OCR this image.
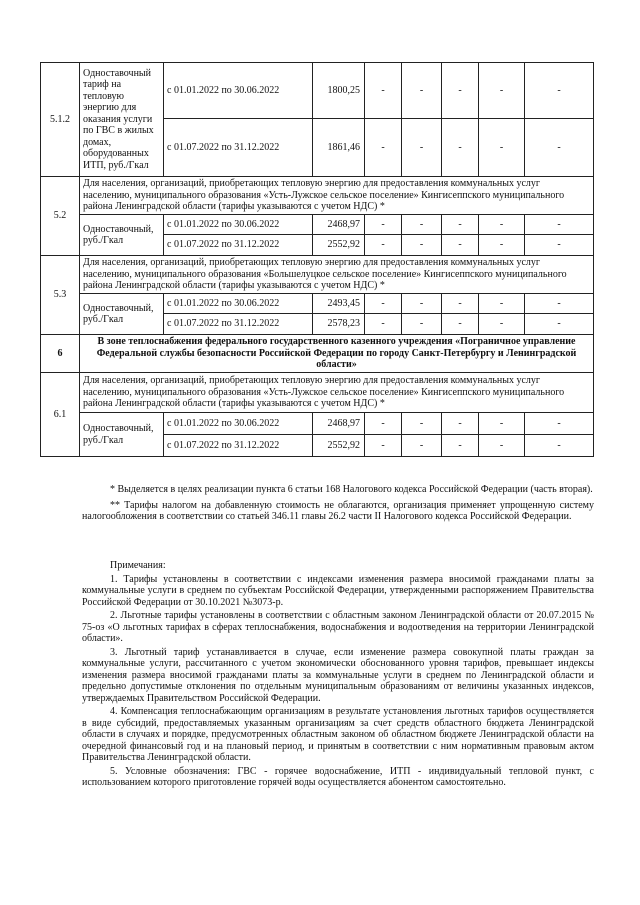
5.1.2	Одноставочный тариф на тепловую энергию для оказания услуги по ГВС в жилых домах, оборудованных ИТП, руб./Гкал	с 01.01.2022 по 30.06.2022	1800,25	-	-	-	-	-
		с 01.07.2022 по 31.12.2022	1861,46	-	-	-	-	-
5.2	Для населения, организаций, приобретающих тепловую энергию для предоставления коммунальных услуг населению, муниципального образования «Усть-Лужское сельское поселение» Кингисеппского муниципального района Ленинградской области (тарифы указываются с учетом НДС) *							
	Одноставочный, руб./Гкал	с 01.01.2022 по 30.06.2022	2468,97	-	-	-	-	-
		с 01.07.2022 по 31.12.2022	2552,92	-	-	-	-	-
5.3	Для населения, организаций, приобретающих тепловую энергию для предоставления коммунальных услуг населению, муниципального образования «Большелуцкое сельское поселение» Кингисеппского муниципального района Ленинградской области (тарифы указываются с учетом НДС) *							
	Одноставочный, руб./Гкал	с 01.01.2022 по 30.06.2022	2493,45	-	-	-	-	-
		с 01.07.2022 по 31.12.2022	2578,23	-	-	-	-	-
6	В зоне теплоснабжения федерального государственного казенного учреждения «Пограничное управление Федеральной службы безопасности Российской Федерации по городу Санкт-Петербургу и Ленинградской области»							
6.1	Для населения, организаций, приобретающих тепловую энергию для предоставления коммунальных услуг населению, муниципального образования «Усть-Лужское сельское поселение» Кингисеппского муниципального района Ленинградской области (тарифы указываются с учетом НДС) *							
	Одноставочный, руб./Гкал	с 01.01.2022 по 30.06.2022	2468,97	-	-	-	-	-
		с 01.07.2022 по 31.12.2022	2552,92	-	-	-	-	-

* Выделяется в целях реализации пункта 6 статьи 168 Налогового кодекса Российской Федерации (часть вторая).

** Тарифы налогом на добавленную стоимость не облагаются, организация применяет упрощенную систему налогообложения в соответствии со статьей 346.11 главы 26.2 части II Налогового кодекса Российской Федерации.

Примечания:

1. Тарифы установлены в соответствии с индексами изменения размера вносимой гражданами платы за коммунальные услуги в среднем по субъектам Российской Федерации, утвержденными распоряжением Правительства Российской Федерации от 30.10.2021 №3073-р.

2. Льготные тарифы установлены в соответствии с областным законом Ленинградской области от 20.07.2015 № 75-оз «О льготных тарифах в сферах теплоснабжения, водоснабжения и водоотведения на территории Ленинградской области».

3. Льготный тариф устанавливается в случае, если изменение размера совокупной платы граждан за коммунальные услуги, рассчитанного с учетом экономически обоснованного уровня тарифов, превышает индексы изменения размера вносимой гражданами платы за коммунальные услуги в среднем по Ленинградской области и предельно допустимые отклонения по отдельным муниципальным образованиям от величины указанных индексов, утверждаемых Правительством Российской Федерации.

4. Компенсация теплоснабжающим организациям в результате установления льготных тарифов осуществляется в виде субсидий, предоставляемых указанным организациям за счет средств областного бюджета Ленинградской области в случаях и порядке, предусмотренных областным законом об областном бюджете Ленинградской области на очередной финансовый год и на плановый период, и принятым в соответствии с ним нормативным правовым актом Правительства Ленинградской области.

5. Условные обозначения: ГВС - горячее водоснабжение, ИТП - индивидуальный тепловой пункт, с использованием которого приготовление горячей воды осуществляется абонентом самостоятельно.
